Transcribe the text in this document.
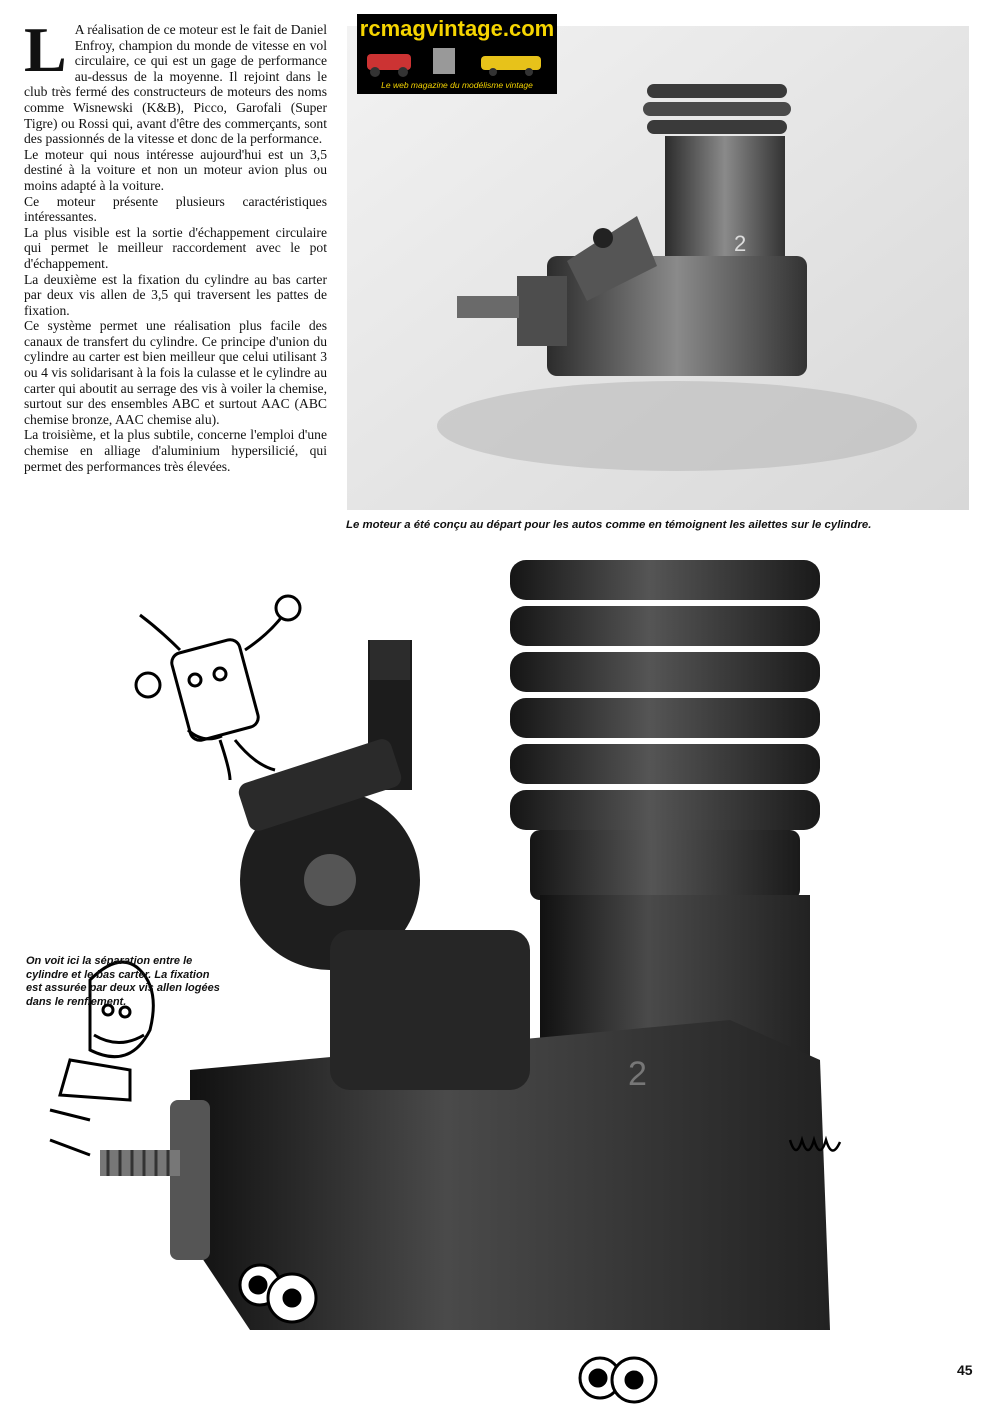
L A réalisation de ce moteur est le fait de Daniel Enfroy, champion du monde de vitesse en vol circulaire, ce qui est un gage de performance au-dessus de la moyenne. Il rejoint dans le club très fermé des constructeurs de moteurs des noms comme Wisnewski (K&B), Picco, Garofali (Super Tigre) ou Rossi qui, avant d'être des commerçants, sont des passionnés de la vitesse et donc de la performance.

Le moteur qui nous intéresse aujourd'hui est un 3,5 destiné à la voiture et non un moteur avion plus ou moins adapté à la voiture.

Ce moteur présente plusieurs caractéristiques intéressantes.

La plus visible est la sortie d'échappement circulaire qui permet le meilleur raccordement avec le pot d'échappement.

La deuxième est la fixation du cylindre au bas carter par deux vis allen de 3,5 qui traversent les pattes de fixation.

Ce système permet une réalisation plus facile des canaux de transfert du cylindre. Ce principe d'union du cylindre au carter est bien meilleur que celui utilisant 3 ou 4 vis solidarisant à la fois la culasse et le cylindre au carter qui aboutit au serrage des vis à voiler la chemise, surtout sur des ensembles ABC et surtout AAC (ABC chemise bronze, AAC chemise alu).

La troisième, et la plus subtile, concerne l'emploi d'une chemise en alliage d'aluminium hypersilicié, qui permet des performances très élevées.

2
Le moteur a été conçu au départ pour les autos comme en témoignent les ailettes sur le cylindre.
rcmagvintage.com
Le web magazine du modélisme vintage
2
On voit ici la séparation entre le cylindre et le bas carter. La fixation est assurée par deux vis allen logées dans le renflement.
45
